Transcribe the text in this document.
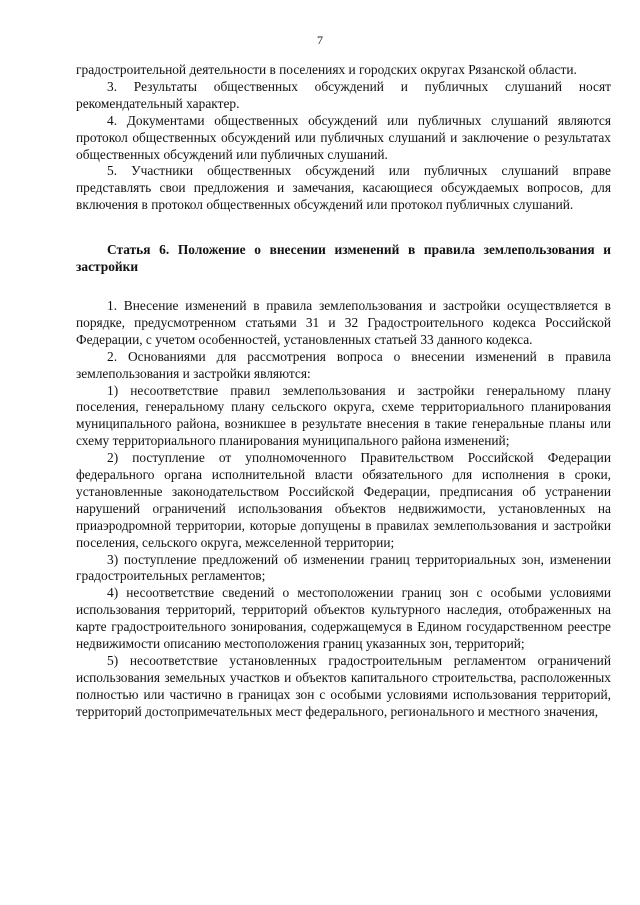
7

градостроительной деятельности в поселениях и городских округах Рязанской области.

3. Результаты общественных обсуждений и публичных слушаний носят рекомендательный характер.

4. Документами общественных обсуждений или публичных слушаний являются протокол общественных обсуждений или публичных слушаний и заключение о результатах общественных обсуждений или публичных слушаний.

5. Участники общественных обсуждений или публичных слушаний вправе представлять свои предложения и замечания, касающиеся обсуждаемых вопросов, для включения в протокол общественных обсуждений или протокол публичных слушаний.

Статья 6. Положение о внесении изменений в правила землепользования и застройки

1. Внесение изменений в правила землепользования и застройки осуществляется в порядке, предусмотренном статьями 31 и 32 Градостроительного кодекса Российской Федерации, с учетом особенностей, установленных статьей 33 данного кодекса.

2. Основаниями для рассмотрения вопроса о внесении изменений в правила землепользования и застройки являются:

1) несоответствие правил землепользования и застройки генеральному плану поселения, генеральному плану сельского округа, схеме территориального планирования муниципального района, возникшее в результате внесения в такие генеральные планы или схему территориального планирования муниципального района изменений;

2) поступление от уполномоченного Правительством Российской Федерации федерального органа исполнительной власти обязательного для исполнения в сроки, установленные законодательством Российской Федерации, предписания об устранении нарушений ограничений использования объектов недвижимости, установленных на приаэродромной территории, которые допущены в правилах землепользования и застройки поселения, сельского округа, межселенной территории;

3) поступление предложений об изменении границ территориальных зон, изменении градостроительных регламентов;

4) несоответствие сведений о местоположении границ зон с особыми условиями использования территорий, территорий объектов культурного наследия, отображенных на карте градостроительного зонирования, содержащемуся в Едином государственном реестре недвижимости описанию местоположения границ указанных зон, территорий;

5) несоответствие установленных градостроительным регламентом ограничений использования земельных участков и объектов капитального строительства, расположенных полностью или частично в границах зон с особыми условиями использования территорий, территорий достопримечательных мест федерального, регионального и местного значения,
